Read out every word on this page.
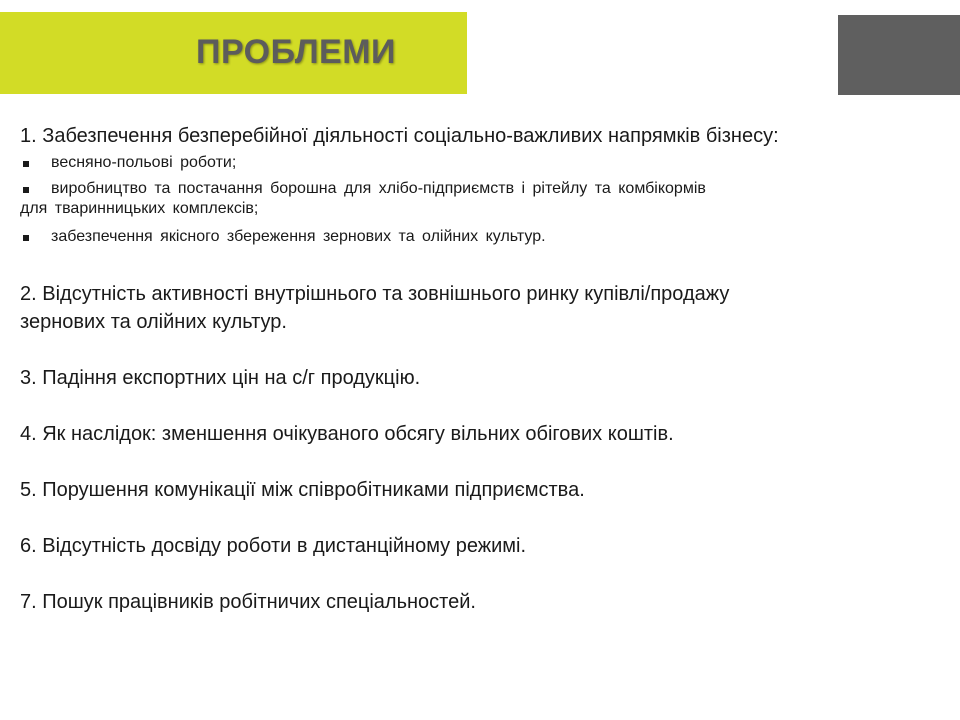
ПРОБЛЕМИ

1. Забезпечення безперебійної діяльності соціально-важливих напрямків бізнесу:

весняно-польові роботи;
виробництво та постачання борошна для хлібо-підприємств і рітейлу та комбікормів
для тваринницьких комплексів;
забезпечення якісного збереження зернових та олійних культур.

2. Відсутність активності внутрішнього та зовнішнього ринку купівлі/продажу

зернових та олійних культур.

3. Падіння експортних цін на с/г продукцію.

4. Як наслідок: зменшення очікуваного обсягу вільних обігових коштів.

5. Порушення комунікації між співробітниками підприємства.

6. Відсутність досвіду роботи в дистанційному режимі.

7. Пошук працівників робітничих спеціальностей.
